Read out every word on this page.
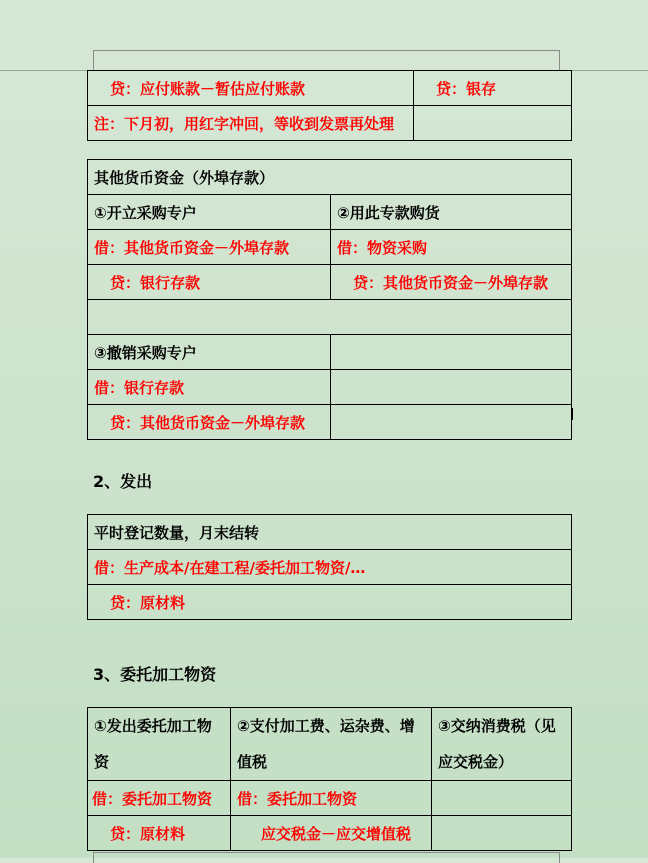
贷：应付账款－暂估应付账款	贷：银存
注：下月初，用红字冲回，等收到发票再处理	
其他货币资金（外埠存款）	
①开立采购专户	②用此专款购货
借：其他货币资金－外埠存款	借：物资采购
贷：银行存款	贷：其他货币资金－外埠存款

③撤销采购专户	
借：银行存款	
贷：其他货币资金－外埠存款	
2、发出
平时登记数量，月末结转
借：生产成本/在建工程/委托加工物资/…
贷：原材料
3、委托加工物资
①发出委托加工物资	②支付加工费、运杂费、增值税	③交纳消费税（见应交税金）
借：委托加工物资	借：委托加工物资	
贷：原材料	应交税金－应交增值税	
